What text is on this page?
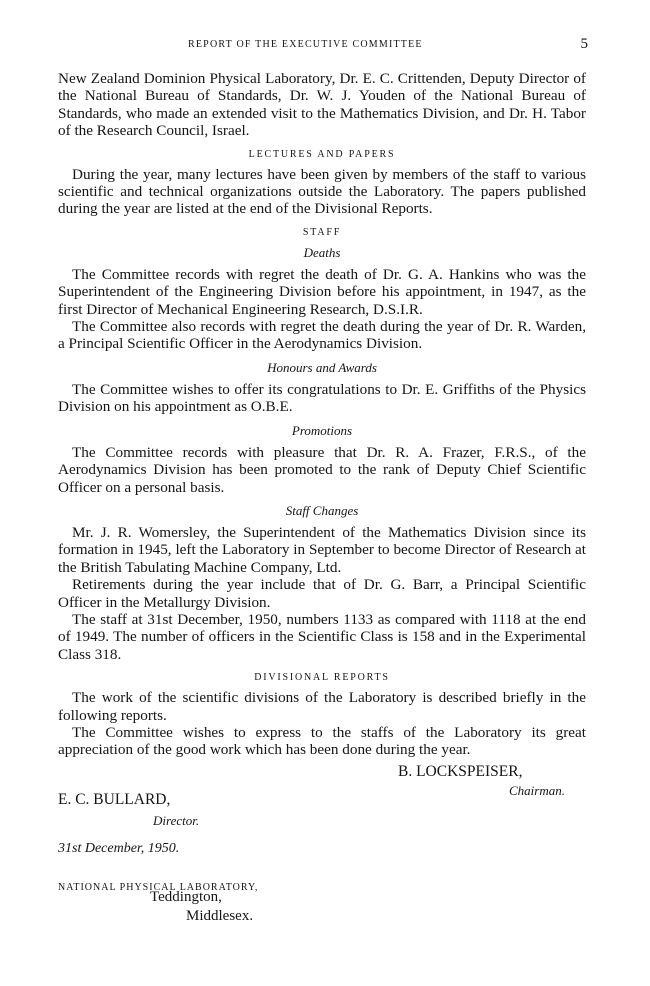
REPORT OF THE EXECUTIVE COMMITTEE	5

New Zealand Dominion Physical Laboratory, Dr. E. C. Crittenden, Deputy Director of the National Bureau of Standards, Dr. W. J. Youden of the National Bureau of Standards, who made an extended visit to the Mathematics Division, and Dr. H. Tabor of the Research Council, Israel.

LECTURES AND PAPERS

During the year, many lectures have been given by members of the staff to various scientific and technical organizations outside the Laboratory. The papers published during the year are listed at the end of the Divisional Reports.

STAFF
Deaths

The Committee records with regret the death of Dr. G. A. Hankins who was the Superintendent of the Engineering Division before his appointment, in 1947, as the first Director of Mechanical Engineering Research, D.S.I.R.

The Committee also records with regret the death during the year of Dr. R. Warden, a Principal Scientific Officer in the Aerodynamics Division.

Honours and Awards

The Committee wishes to offer its congratulations to Dr. E. Griffiths of the Physics Division on his appointment as O.B.E.

Promotions

The Committee records with pleasure that Dr. R. A. Frazer, F.R.S., of the Aerodynamics Division has been promoted to the rank of Deputy Chief Scientific Officer on a personal basis.

Staff Changes

Mr. J. R. Womersley, the Superintendent of the Mathematics Division since its formation in 1945, left the Laboratory in September to become Director of Research at the British Tabulating Machine Company, Ltd.

Retirements during the year include that of Dr. G. Barr, a Principal Scientific Officer in the Metallurgy Division.

The staff at 31st December, 1950, numbers 1133 as compared with 1118 at the end of 1949. The number of officers in the Scientific Class is 158 and in the Experimental Class 318.

DIVISIONAL REPORTS

The work of the scientific divisions of the Laboratory is described briefly in the following reports.

The Committee wishes to express to the staffs of the Laboratory its great appreciation of the good work which has been done during the year.

B. LOCKSPEISER,
Chairman.
E. C. BULLARD,
Director.
31st December, 1950.
NATIONAL PHYSICAL LABORATORY,
Teddington,
Middlesex.
